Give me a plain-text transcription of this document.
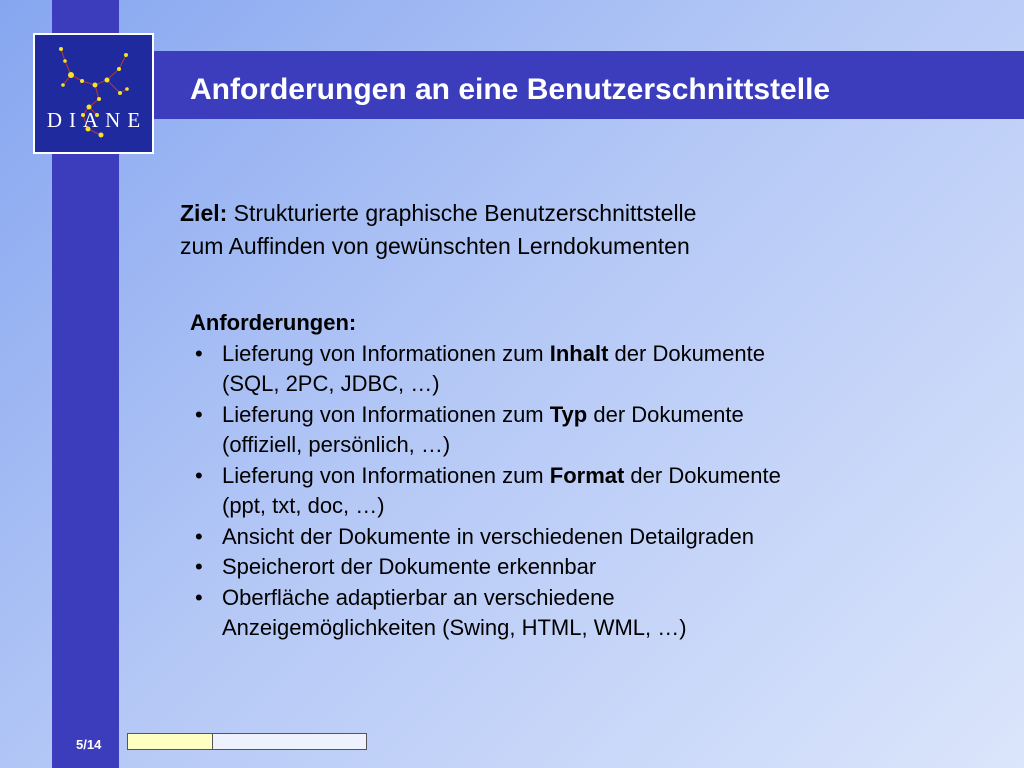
Anforderungen an eine Benutzerschnittstelle
DIANE
Ziel: Strukturierte graphische Benutzerschnittstelle
zum Auffinden von gewünschten Lerndokumenten
Anforderungen:
• Lieferung von Informationen zum Inhalt der Dokumente
(SQL, 2PC, JDBC, …)
• Lieferung von Informationen zum Typ der Dokumente
(offiziell, persönlich, …)
• Lieferung von Informationen zum Format der Dokumente
(ppt, txt, doc, …)
• Ansicht der Dokumente in verschiedenen Detailgraden
• Speicherort der Dokumente erkennbar
• Oberfläche adaptierbar an verschiedene
Anzeigemöglichkeiten (Swing, HTML, WML, …)
5/14
